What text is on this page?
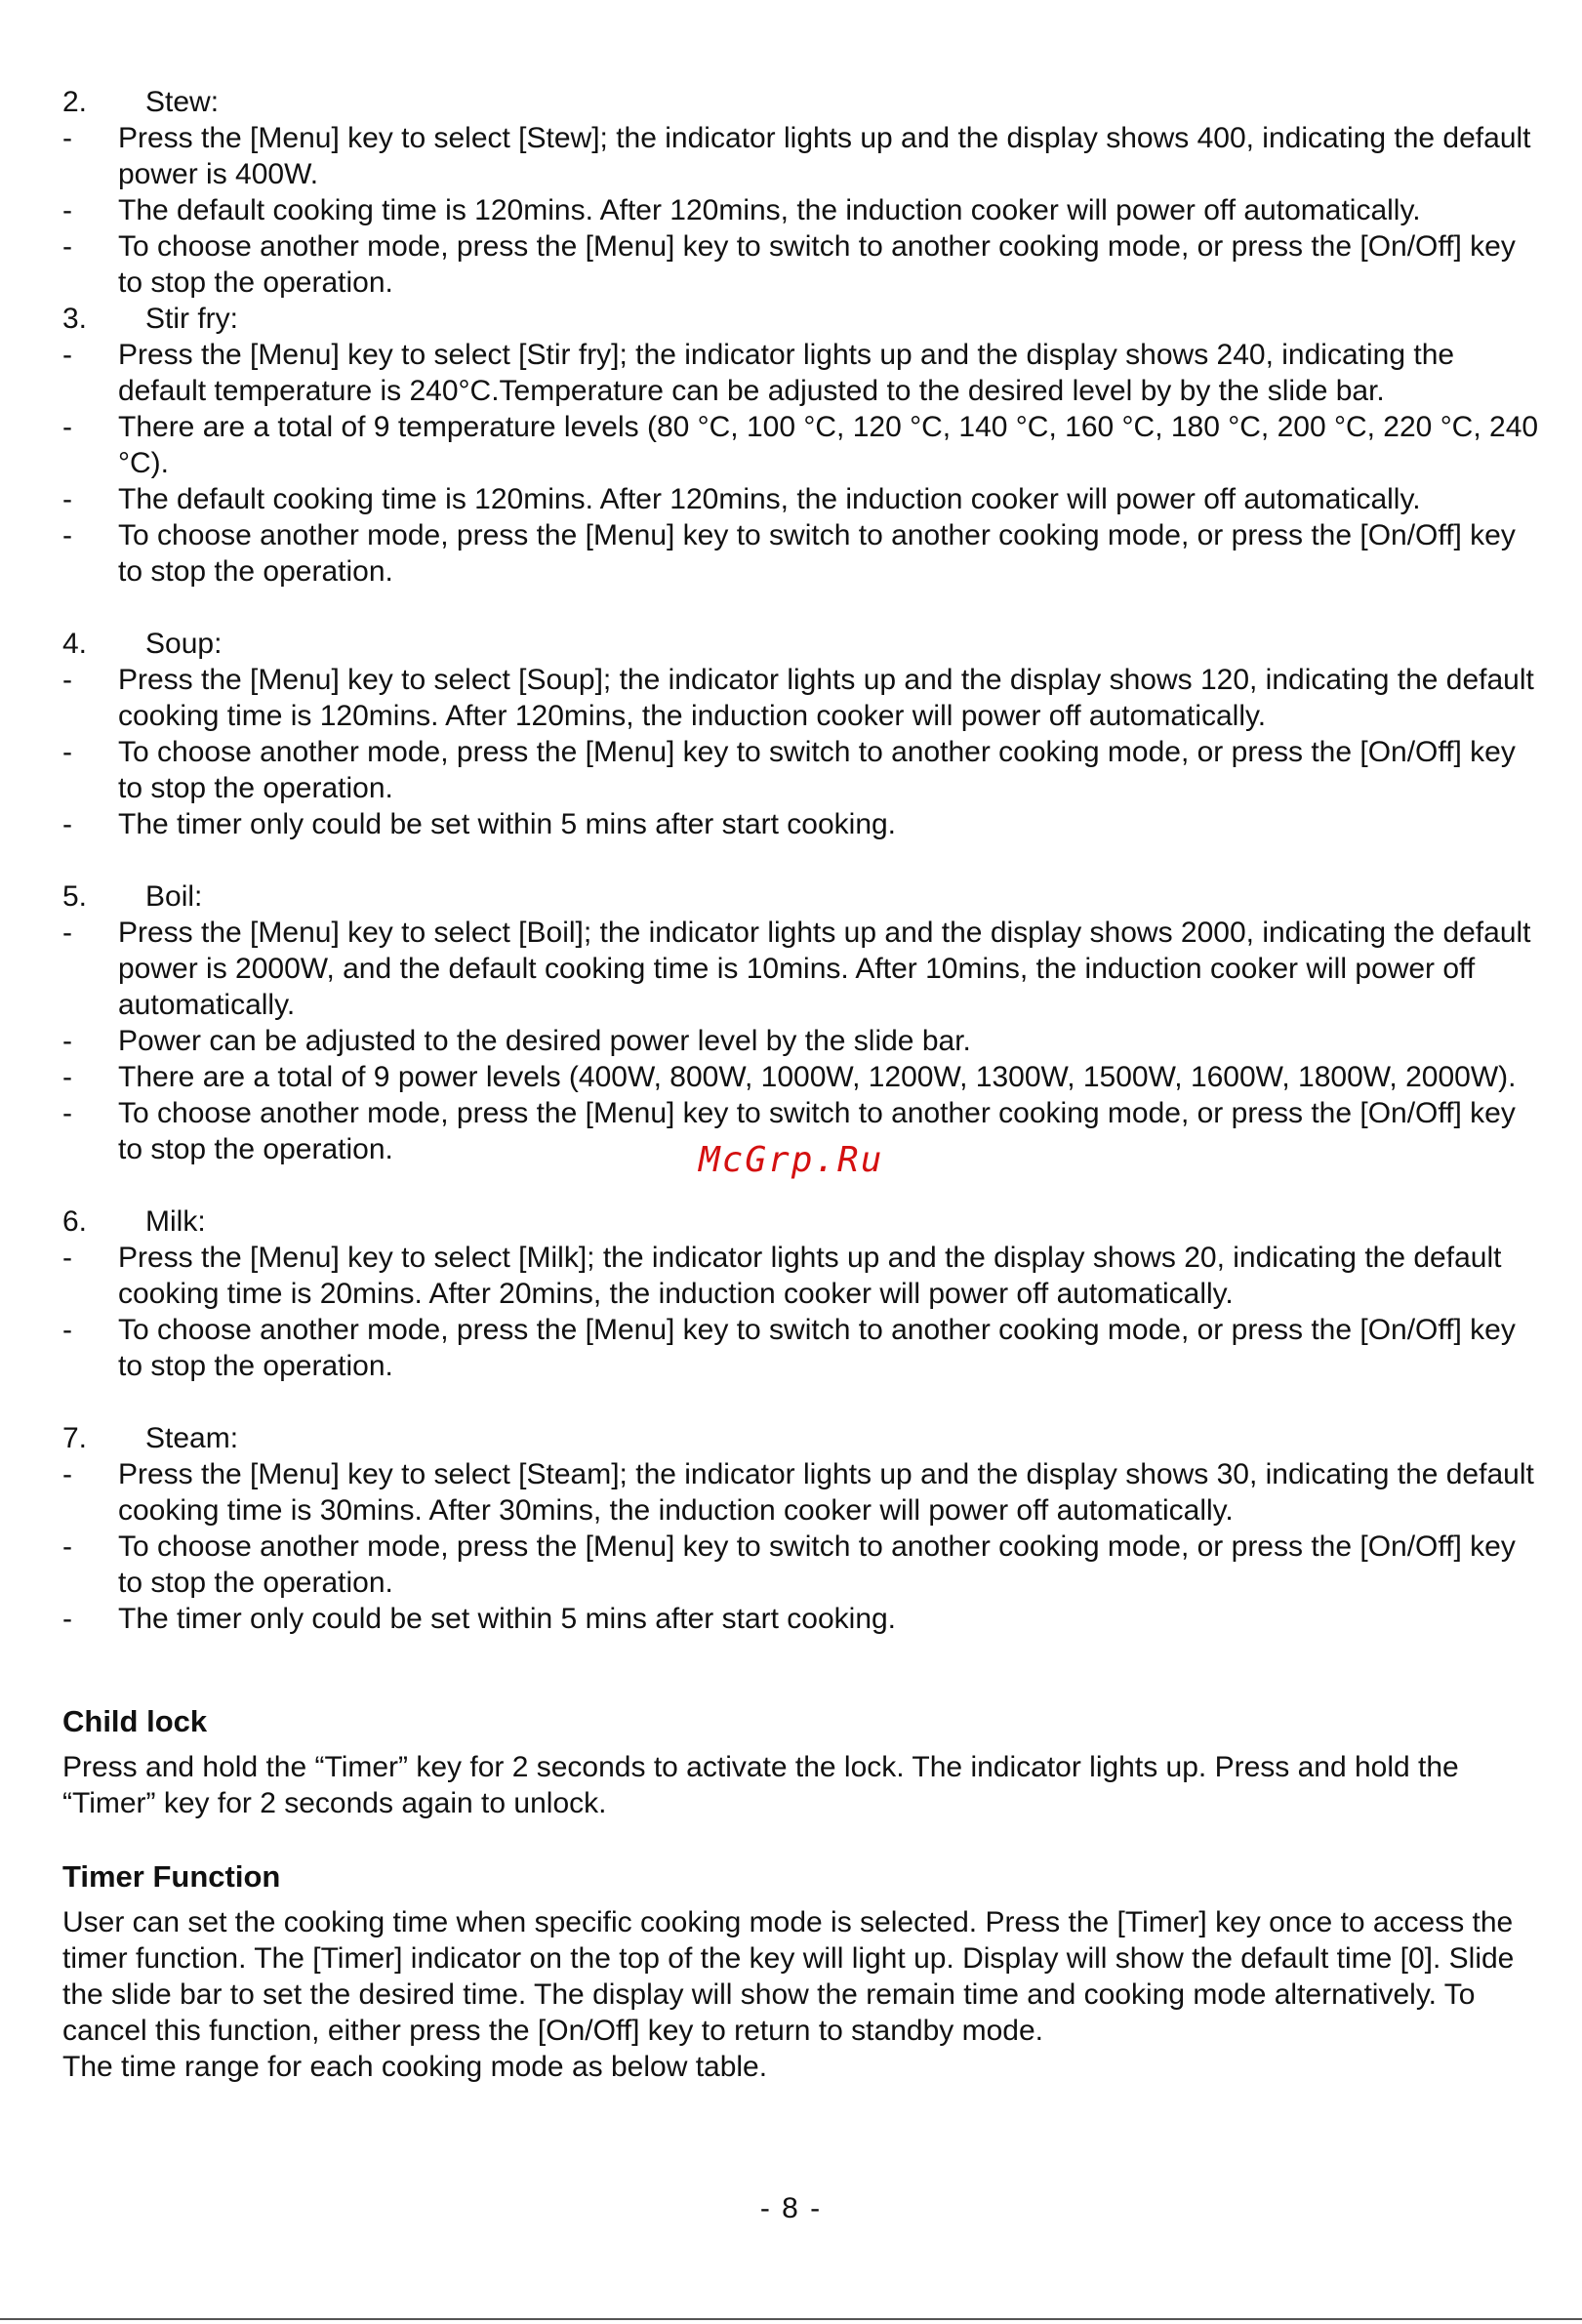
2.	Stew:
-	Press the [Menu] key to select [Stew]; the indicator lights up and the display shows 400, indicating the default power is 400W.
-	The default cooking time is 120mins. After 120mins, the induction cooker will power off automatically.
-	To choose another mode, press the [Menu] key to switch to another cooking mode, or press the [On/Off] key to stop the operation.
3.	Stir fry:
-	Press the [Menu] key to select [Stir fry]; the indicator lights up and the display shows 240, indicating the default temperature is 240°C.Temperature can be adjusted to the desired level by by the slide bar.
-	There are a total of 9 temperature levels (80 °C, 100 °C, 120 °C, 140 °C, 160 °C, 180 °C, 200 °C, 220 °C, 240 °C).
-	The default cooking time is 120mins. After 120mins, the induction cooker will power off automatically.
-	To choose another mode, press the [Menu] key to switch to another cooking mode, or press the [On/Off] key to stop the operation.
4.	Soup:
-	Press the [Menu] key to select [Soup]; the indicator lights up and the display shows 120, indicating the default cooking time is 120mins. After 120mins, the induction cooker will power off automatically.
-	To choose another mode, press the [Menu] key to switch to another cooking mode, or press the [On/Off] key to stop the operation.
-	The timer only could be set within 5 mins after start cooking.
5.	Boil:
-	Press the [Menu] key to select [Boil]; the indicator lights up and the display shows 2000, indicating the default power is 2000W, and the default cooking time is 10mins. After 10mins, the induction cooker will power off automatically.
-	Power can be adjusted to the desired power level by the slide bar.
-	There are a total of 9 power levels (400W, 800W, 1000W, 1200W, 1300W, 1500W, 1600W, 1800W, 2000W).
-	To choose another mode, press the [Menu] key to switch to another cooking mode, or press the [On/Off] key to stop the operation.
6.	Milk:
-	Press the [Menu] key to select [Milk]; the indicator lights up and the display shows 20, indicating the default cooking time is 20mins. After 20mins, the induction cooker will power off automatically.
-	To choose another mode, press the [Menu] key to switch to another cooking mode, or press the [On/Off] key to stop the operation.
7.	Steam:
-	Press the [Menu] key to select [Steam]; the indicator lights up and the display shows 30, indicating the default cooking time is 30mins. After 30mins, the induction cooker will power off automatically.
-	To choose another mode, press the [Menu] key to switch to another cooking mode, or press the [On/Off] key to stop the operation.
-	The timer only could be set within 5 mins after start cooking.
Child lock
Press and hold the “Timer” key for 2 seconds to activate the lock. The indicator lights up. Press and hold the “Timer” key for 2 seconds again to unlock.
Timer Function
User can set the cooking time when specific cooking mode is selected. Press the [Timer] key once to access the timer function. The [Timer] indicator on the top of the key will light up. Display will show the default time [0]. Slide the slide bar to set the desired time. The display will show the remain time and cooking mode alternatively. To cancel this function, either press the [On/Off] key to return to standby mode.
The time range for each cooking mode as below table.
McGrp.Ru
- 8 -
